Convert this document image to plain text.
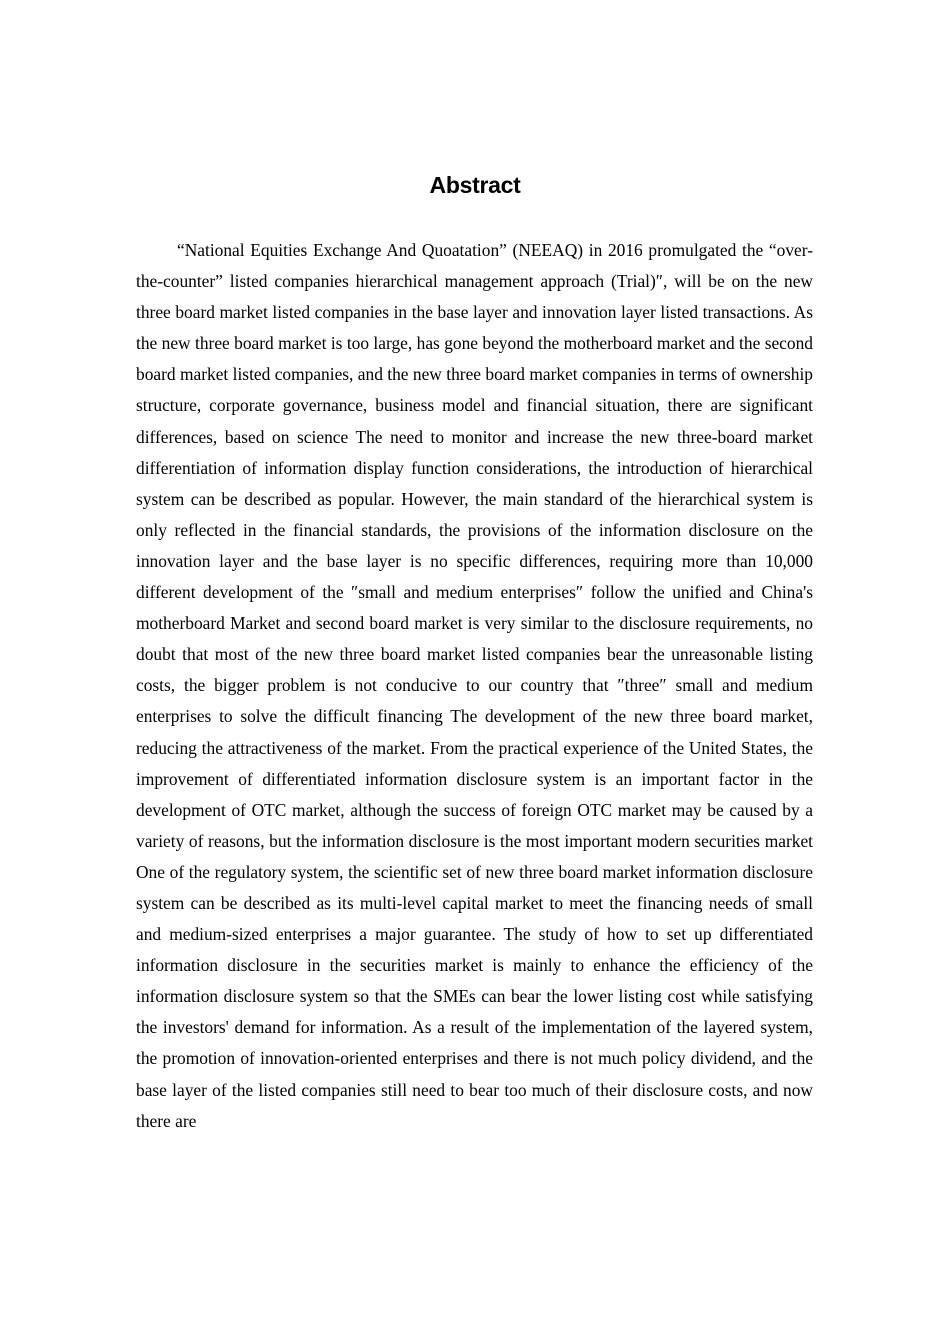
Abstract

“National Equities Exchange And Quoatation” (NEEAQ) in 2016 promulgated the “over-the-counter” listed companies hierarchical management approach (Trial)″, will be on the new three board market listed companies in the base layer and innovation layer listed transactions. As the new three board market is too large, has gone beyond the motherboard market and the second board market listed companies, and the new three board market companies in terms of ownership structure, corporate governance, business model and financial situation, there are significant differences, based on science The need to monitor and increase the new three-board market differentiation of information display function considerations, the introduction of hierarchical system can be described as popular. However, the main standard of the hierarchical system is only reflected in the financial standards, the provisions of the information disclosure on the innovation layer and the base layer is no specific differences, requiring more than 10,000 different development of the ″small and medium enterprises″ follow the unified and China's motherboard Market and second board market is very similar to the disclosure requirements, no doubt that most of the new three board market listed companies bear the unreasonable listing costs, the bigger problem is not conducive to our country that ″three″ small and medium enterprises to solve the difficult financing The development of the new three board market, reducing the attractiveness of the market. From the practical experience of the United States, the improvement of differentiated information disclosure system is an important factor in the development of OTC market, although the success of foreign OTC market may be caused by a variety of reasons, but the information disclosure is the most important modern securities market One of the regulatory system, the scientific set of new three board market information disclosure system can be described as its multi-level capital market to meet the financing needs of small and medium-sized enterprises a major guarantee. The study of how to set up differentiated information disclosure in the securities market is mainly to enhance the efficiency of the information disclosure system so that the SMEs can bear the lower listing cost while satisfying the investors' demand for information. As a result of the implementation of the layered system, the promotion of innovation-oriented enterprises and there is not much policy dividend, and the base layer of the listed companies still need to bear too much of their disclosure costs, and now there are
